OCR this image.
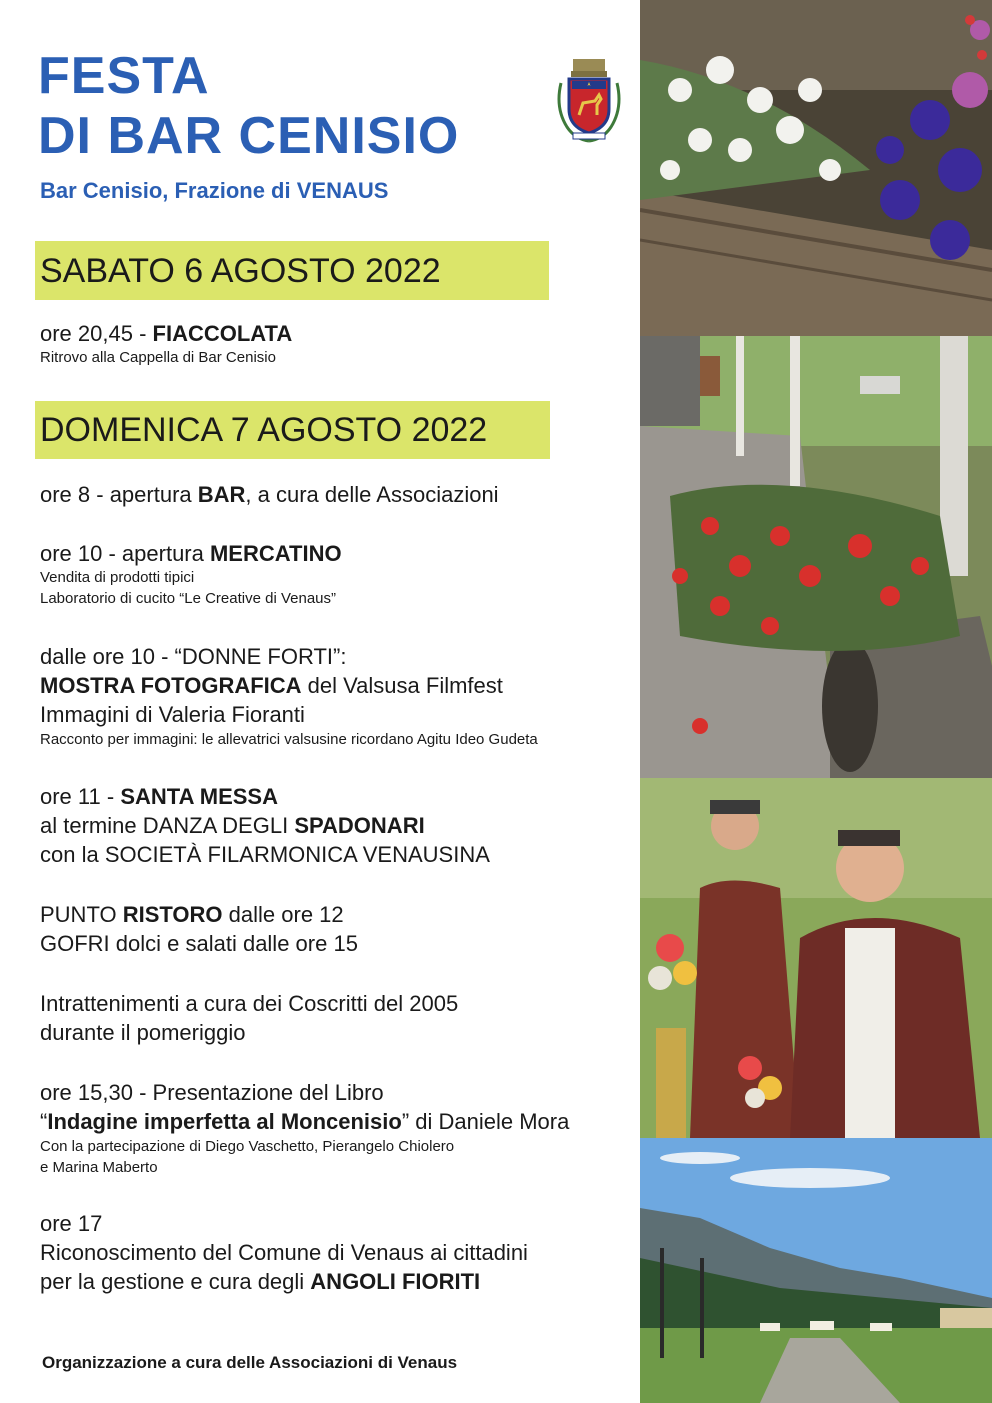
FESTA
DI BAR CENISIO
Bar Cenisio, Frazione di VENAUS
SABATO 6 AGOSTO 2022
ore 20,45 - FIACCOLATA
Ritrovo alla Cappella di Bar Cenisio
DOMENICA 7 AGOSTO 2022
ore 8 - apertura BAR, a cura delle Associazioni
ore 10 - apertura MERCATINO
Vendita di prodotti tipici
Laboratorio di cucito “Le Creative di Venaus”
dalle ore 10 - “DONNE FORTI”:
MOSTRA FOTOGRAFICA del Valsusa Filmfest
Immagini di Valeria Fioranti
Racconto per immagini: le allevatrici valsusine ricordano Agitu Ideo Gudeta
ore 11 - SANTA MESSA
al termine DANZA DEGLI SPADONARI
con la SOCIETÀ FILARMONICA VENAUSINA
PUNTO RISTORO dalle ore 12
GOFRI dolci e salati dalle ore 15
Intrattenimenti a cura dei Coscritti del 2005
durante il pomeriggio
ore 15,30 - Presentazione del Libro
“Indagine imperfetta al Moncenisio” di Daniele Mora
Con la partecipazione di Diego Vaschetto, Pierangelo Chiolero
e Marina Maberto
ore 17
Riconoscimento del Comune di Venaus ai cittadini
per la gestione e cura degli ANGOLI FIORITI
Organizzazione a cura delle Associazioni di Venaus
